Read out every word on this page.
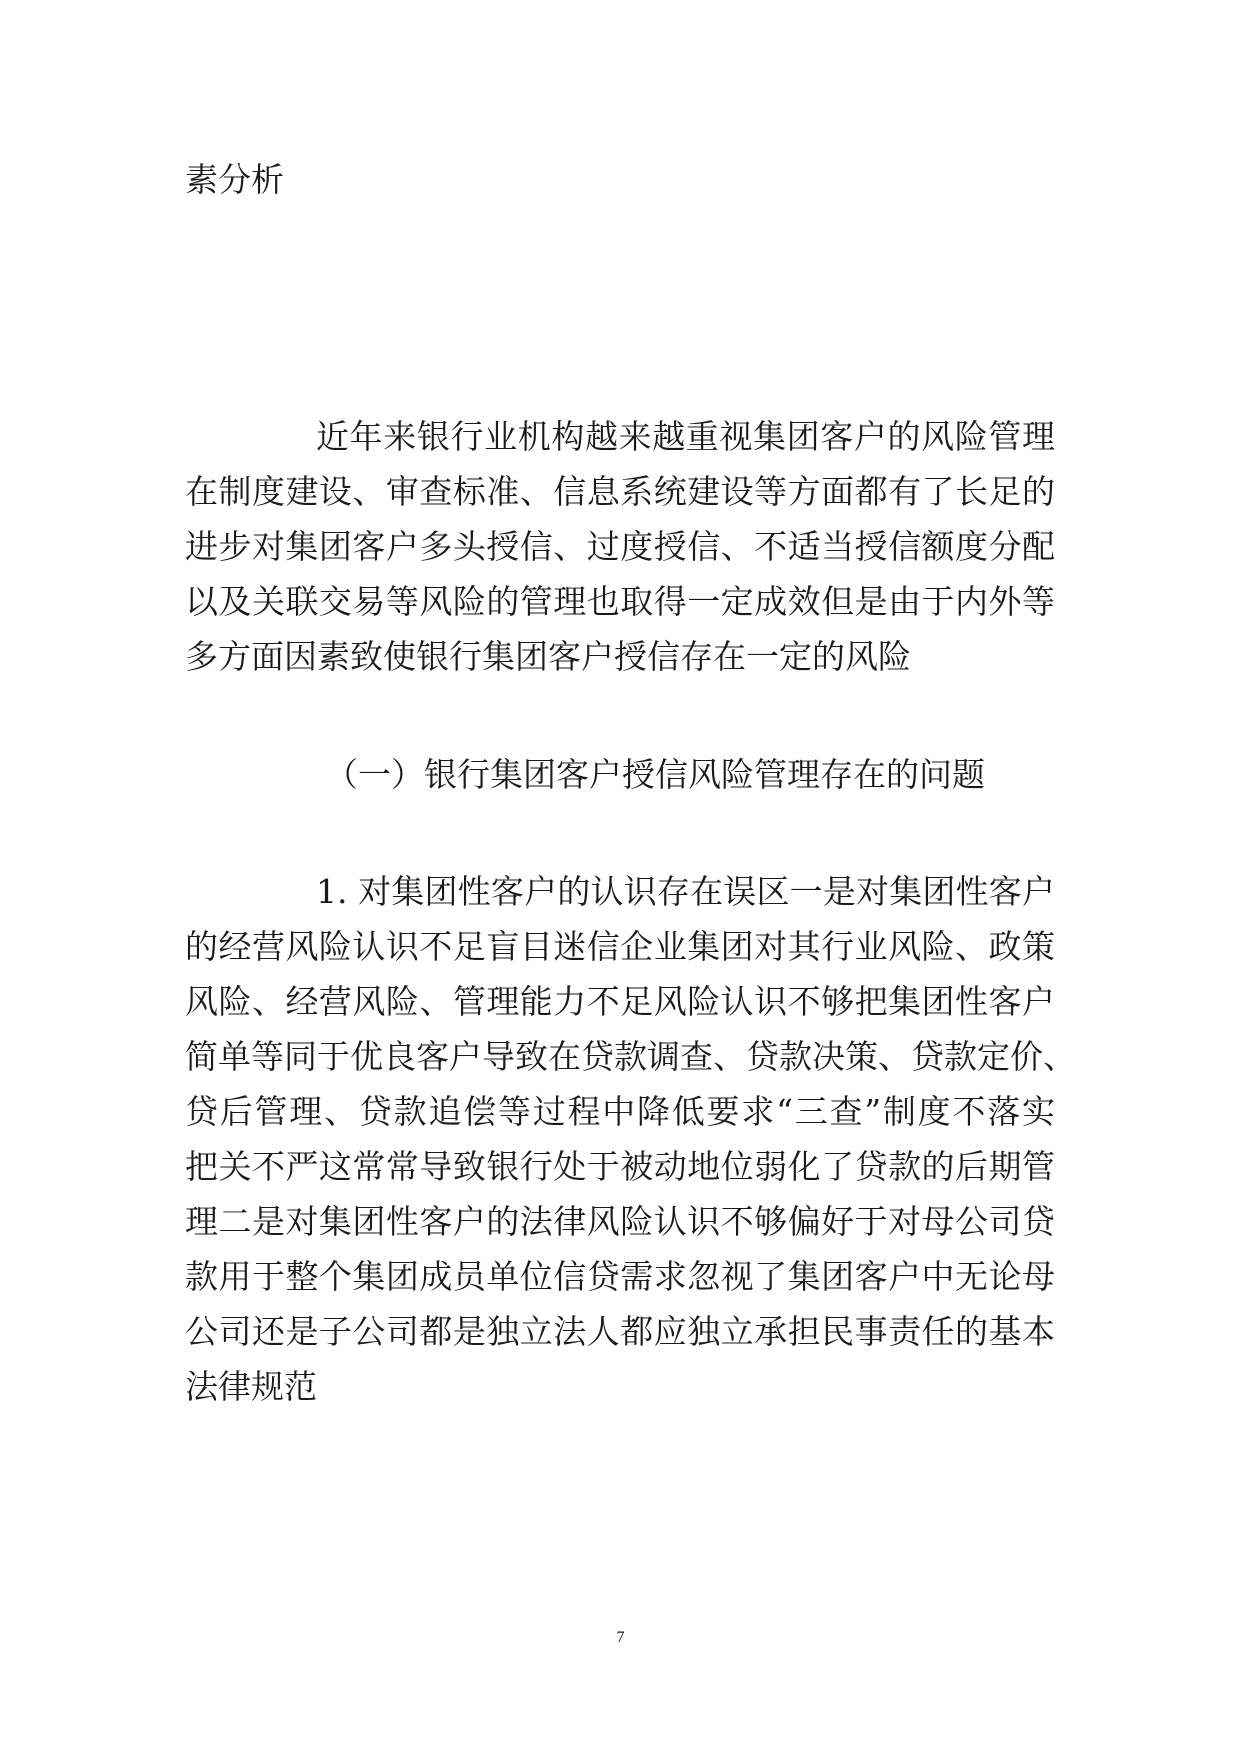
素分析
近年来银行业机构越来越重视集团客户的风险管理
在制度建设、审查标准、信息系统建设等方面都有了长足的
进步对集团客户多头授信、过度授信、不适当授信额度分配
以及关联交易等风险的管理也取得一定成效但是由于内外等
多方面因素致使银行集团客户授信存在一定的风险
（一）银行集团客户授信风险管理存在的问题
1. 对集团性客户的认识存在误区一是对集团性客户
的经营风险认识不足盲目迷信企业集团对其行业风险、政策
风险、经营风险、管理能力不足风险认识不够把集团性客户
简单等同于优良客户导致在贷款调查、贷款决策、贷款定价、
贷后管理、贷款追偿等过程中降低要求“三查”制度不落实
把关不严这常常导致银行处于被动地位弱化了贷款的后期管
理二是对集团性客户的法律风险认识不够偏好于对母公司贷
款用于整个集团成员单位信贷需求忽视了集团客户中无论母
公司还是子公司都是独立法人都应独立承担民事责任的基本
法律规范
7
